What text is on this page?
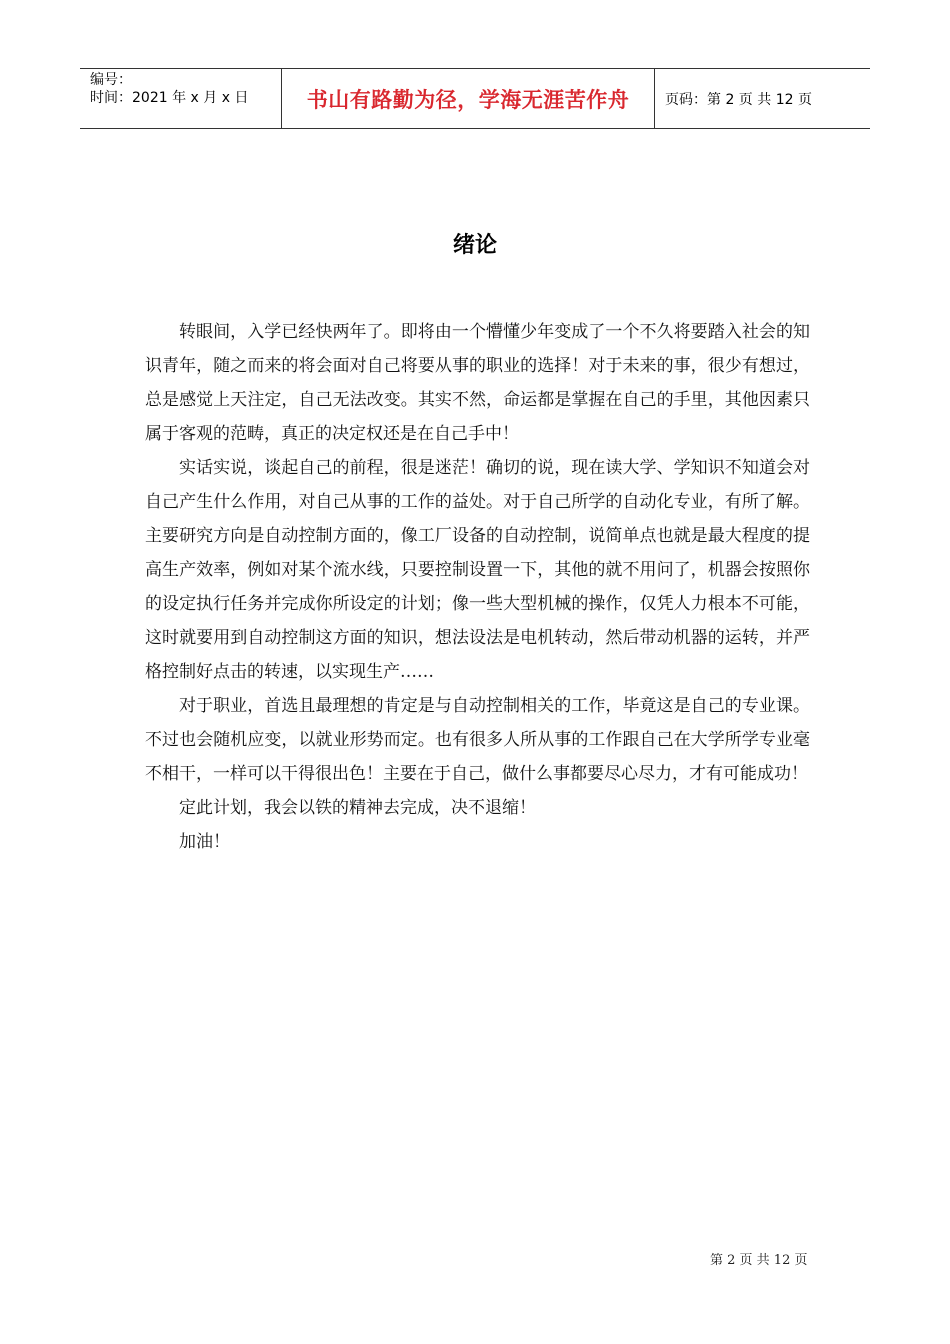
编号：
时间：2021 年 x 月 x 日	书山有路勤为径，学海无涯苦作舟	页码：第 2 页 共 12 页
绪论

转眼间，入学已经快两年了。即将由一个懵懂少年变成了一个不久将要踏入社会的知识青年，随之而来的将会面对自己将要从事的职业的选择！对于未来的事，很少有想过，总是感觉上天注定，自己无法改变。其实不然，命运都是掌握在自己的手里，其他因素只属于客观的范畴，真正的决定权还是在自己手中！

实话实说，谈起自己的前程，很是迷茫！确切的说，现在读大学、学知识不知道会对自己产生什么作用，对自己从事的工作的益处。对于自己所学的自动化专业，有所了解。主要研究方向是自动控制方面的，像工厂设备的自动控制，说简单点也就是最大程度的提高生产效率，例如对某个流水线，只要控制设置一下，其他的就不用问了，机器会按照你的设定执行任务并完成你所设定的计划；像一些大型机械的操作，仅凭人力根本不可能，这时就要用到自动控制这方面的知识，想法设法是电机转动，然后带动机器的运转，并严格控制好点击的转速，以实现生产……

对于职业，首选且最理想的肯定是与自动控制相关的工作，毕竟这是自己的专业课。不过也会随机应变，以就业形势而定。也有很多人所从事的工作跟自己在大学所学专业毫不相干，一样可以干得很出色！主要在于自己，做什么事都要尽心尽力，才有可能成功！

定此计划，我会以铁的精神去完成，决不退缩！

加油！

第 2 页 共 12 页
